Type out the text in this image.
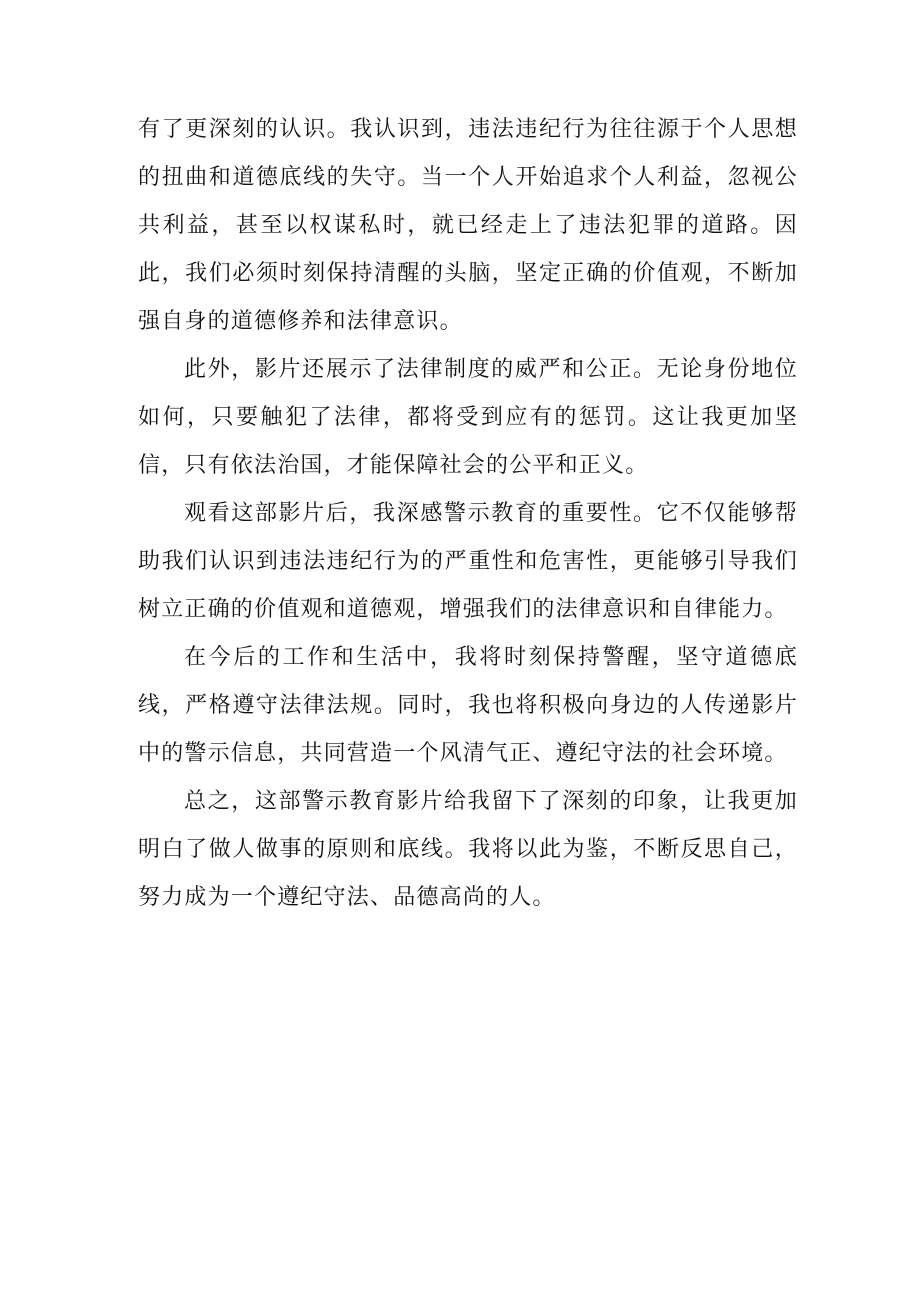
有了更深刻的认识。我认识到，违法违纪行为往往源于个人思想的扭曲和道德底线的失守。当一个人开始追求个人利益，忽视公共利益，甚至以权谋私时，就已经走上了违法犯罪的道路。因此，我们必须时刻保持清醒的头脑，坚定正确的价值观，不断加强自身的道德修养和法律意识。

此外，影片还展示了法律制度的威严和公正。无论身份地位如何，只要触犯了法律，都将受到应有的惩罚。这让我更加坚信，只有依法治国，才能保障社会的公平和正义。

观看这部影片后，我深感警示教育的重要性。它不仅能够帮助我们认识到违法违纪行为的严重性和危害性，更能够引导我们树立正确的价值观和道德观，增强我们的法律意识和自律能力。

在今后的工作和生活中，我将时刻保持警醒，坚守道德底线，严格遵守法律法规。同时，我也将积极向身边的人传递影片中的警示信息，共同营造一个风清气正、遵纪守法的社会环境。

总之，这部警示教育影片给我留下了深刻的印象，让我更加明白了做人做事的原则和底线。我将以此为鉴，不断反思自己，努力成为一个遵纪守法、品德高尚的人。
